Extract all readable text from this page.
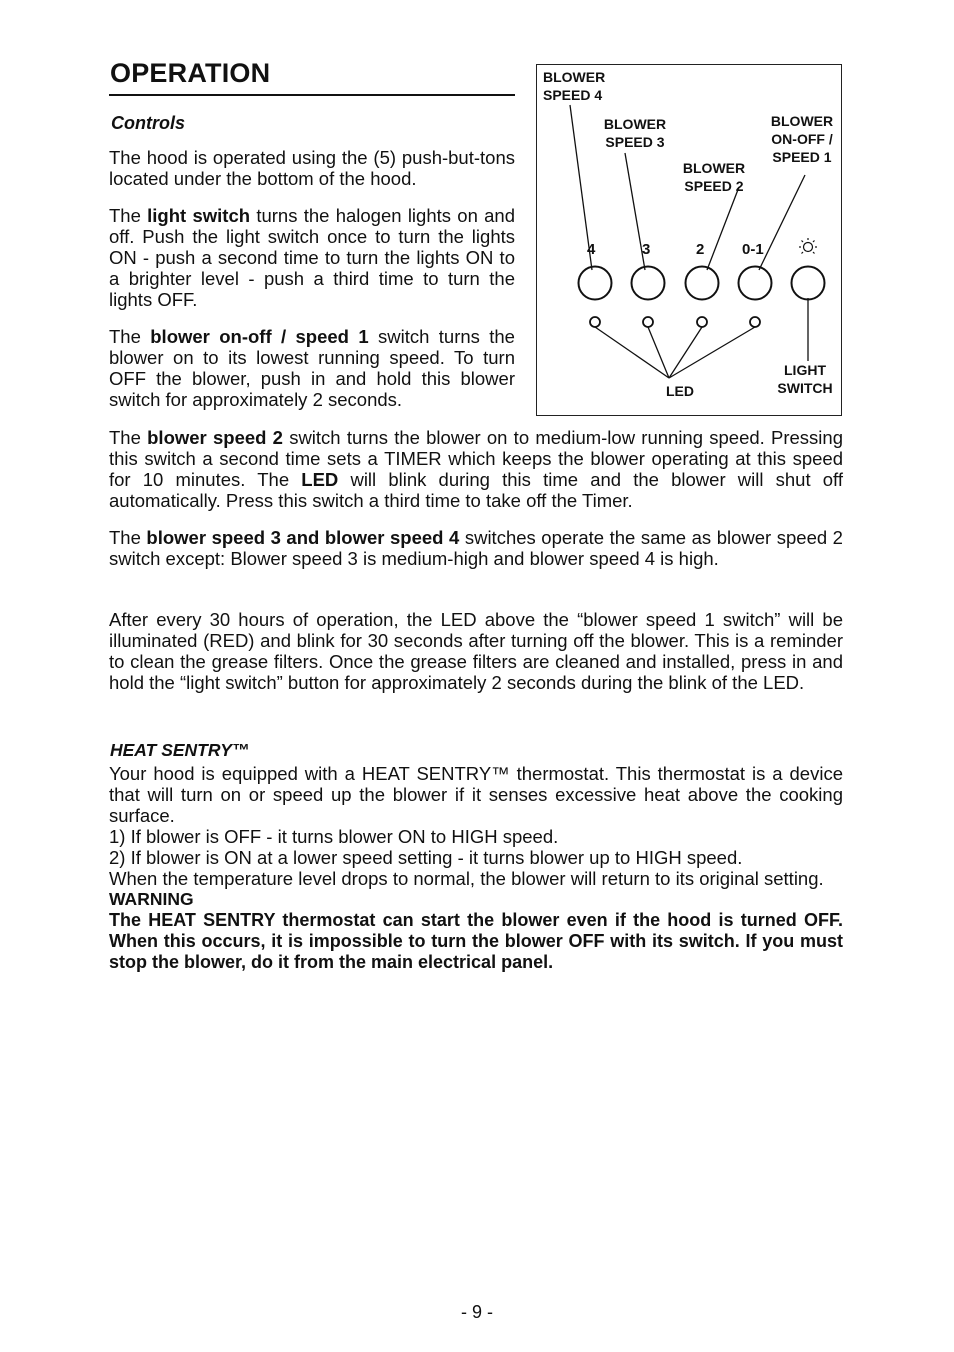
OPERATION
Controls
The hood is operated using the (5) push-but-tons located under the bottom of the hood.
The light switch turns the halogen lights on and off. Push the light switch once to turn the lights ON - push a second time to turn the lights ON to a brighter level - push a third time to turn the lights OFF.
The blower on-off / speed 1 switch turns the blower on to its lowest running speed. To turn OFF the blower, push in and hold this blower switch for approximately 2 seconds.
The blower speed 2 switch turns the blower on to medium-low running speed. Pressing this switch a second time sets a TIMER which keeps the blower operating at this speed for 10 minutes. The LED will blink during this time and the blower will shut off automatically. Press this switch a third time to take off the Timer.
The blower speed 3 and blower speed 4 switches operate the same as blower speed 2 switch except: Blower speed 3 is medium-high and blower speed 4 is high.
After every 30 hours of operation, the LED above the “blower speed 1 switch” will be illuminated (RED) and blink for 30 seconds after turning off the blower. This is a reminder to clean the grease filters. Once the grease filters are cleaned and installed, press in and hold the “light switch” button for approximately 2 seconds during the blink of the LED.
BLOWER SPEED 4
BLOWER SPEED 3
BLOWER SPEED 2
BLOWER ON-OFF / SPEED 1
LIGHT SWITCH
LED
4	3	2	0-1
HEAT SENTRY™

Your hood is equipped with a HEAT SENTRY™ thermostat. This thermostat is a device that will turn on or speed up the blower if it senses excessive heat above the cooking surface.

1) If blower is OFF - it turns blower ON to HIGH speed.

2) If blower is ON at a lower speed setting - it turns blower up to HIGH speed.

When the temperature level drops to normal, the blower will return to its original setting.

WARNING

The HEAT SENTRY thermostat can start the blower even if the hood is turned OFF. When this occurs, it is impossible to turn the blower OFF with its switch. If you must stop the blower, do it from the main electrical panel.

- 9 -
